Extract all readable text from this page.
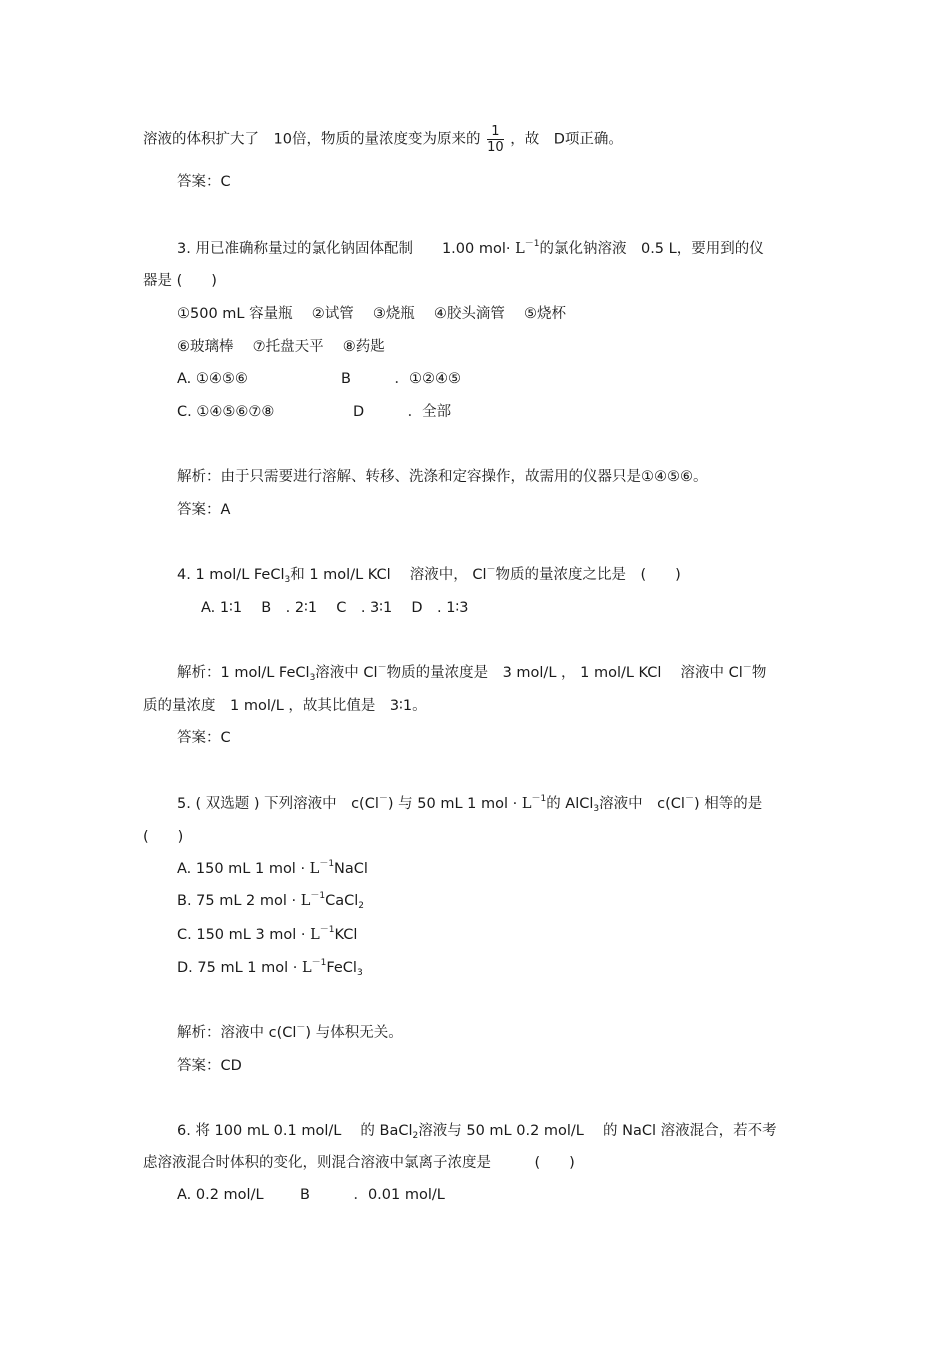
溶液的体积扩大了　10倍，物质的量浓度变为原来的 $\frac{1}{10}$ ，故　D项正确。
答案：C
3. 用已准确称量过的氯化钠固体配制　　1.00 $mol\cdot L^{-1}$的氯化钠溶液　0.5 L，要用到的仪
器是 (　　)
①500 mL 容量瓶　 ②试管　 ③烧瓶　 ④胶头滴管　 ⑤烧杯
⑥玻璃棒　 ⑦托盘天平　 ⑧药匙
A. ①④⑤⑥	B　　　．①②④⑤
C. ①④⑤⑥⑦⑧	D　　　．全部
解析：由于只需要进行溶解、转移、洗涤和定容操作，故需用的仪器只是①④⑤⑥。
答案：A
4. 1 mol/L FeCl$_3$和 1 mol/L KCl　 溶液中， Cl－物质的量浓度之比是　(　　)
A. 1∶1　 B　. 2∶1　 C　. 3∶1　 D　. 1∶3
解析：1 mol/L FeCl$_3$溶液中 Cl－物质的量浓度是　3 mol/L ， 1 mol/L KCl　 溶液中 Cl－物
质的量浓度　1 mol/L ，故其比值是　3∶1。
答案：C
5. ( 双选题 ) 下列溶液中　c(Cl－) 与 50 mL 1 mol · $L^{-1}$的 AlCl$_3$溶液中　c(Cl－) 相等的是
(　　)
A. 150 mL 1 mol · $L^{-1}NaCl$
B. 75 mL 2 mol · $L^{-1}CaCl_2$
C. 150 mL 3 mol · $L^{-1}KCl$
D. 75 mL 1 mol · $L^{-1}FeCl_3$
解析：溶液中 c(Cl－) 与体积无关。
答案：CD
6. 将 100 mL 0.1 mol/L　 的 BaCl$_2$溶液与 50 mL 0.2 mol/L　 的 NaCl 溶液混合，若不考
虑溶液混合时体积的变化，则混合溶液中氯离子浓度是　　　(　　)
A. 0.2 mol/L	B　　　．0.01 mol/L
